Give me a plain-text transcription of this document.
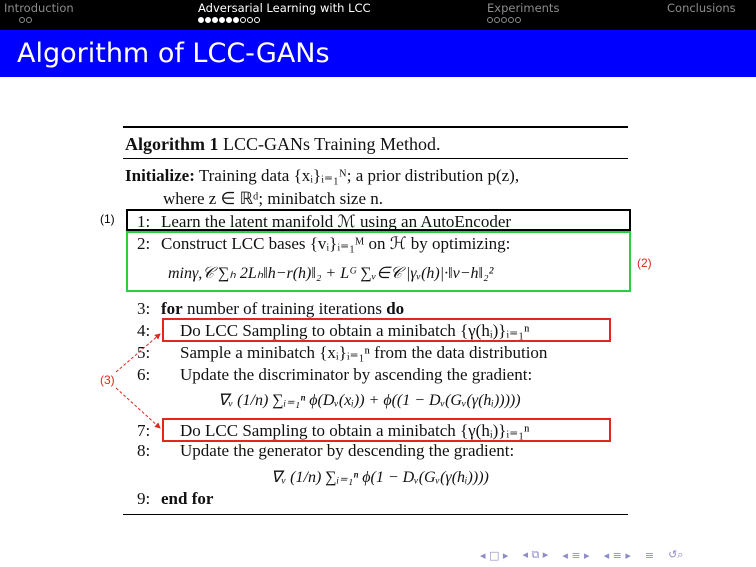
Introduction	Adversarial Learning with LCC	Experiments	Conclusions
Algorithm of LCC-GANs
Algorithm 1 LCC-GANs Training Method.
Initialize: Training data {xᵢ}ᵢ₌₁ᴺ; a prior distribution p(z),
where z ∈ ℝᵈ; minibatch size n.
1: Learn the latent manifold ℳ using an AutoEncoder
2: Construct LCC bases {vᵢ}ᵢ₌₁ᴹ on ℋ by optimizing:
minγ,𝒞 ∑ₕ 2Lₕ‖h−r(h)‖₂ + Lᴳ ∑ᵥ∈𝒞 |γᵥ(h)|·‖v−h‖₂²
3: for number of training iterations do
4: Do LCC Sampling to obtain a minibatch {γ(hᵢ)}ᵢ₌₁ⁿ
5: Sample a minibatch {xᵢ}ᵢ₌₁ⁿ from the data distribution
6: Update the discriminator by ascending the gradient:
∇ᵥ (1/n) ∑ᵢ₌₁ⁿ ϕ(Dᵥ(xᵢ)) + ϕ((1 − Dᵥ(Gᵥ(γ(hᵢ)))))
7: Do LCC Sampling to obtain a minibatch {γ(hᵢ)}ᵢ₌₁ⁿ
8: Update the generator by descending the gradient:
∇ᵥ (1/n) ∑ᵢ₌₁ⁿ ϕ(1 − Dᵥ(Gᵥ(γ(hᵢ))))
9: end for
(1)
(2)
(3)
◂ □ ▸ ◂ ⧉ ▸ ◂ ≡ ▸ ◂ ≡ ▸ ≡ ↺⌕
